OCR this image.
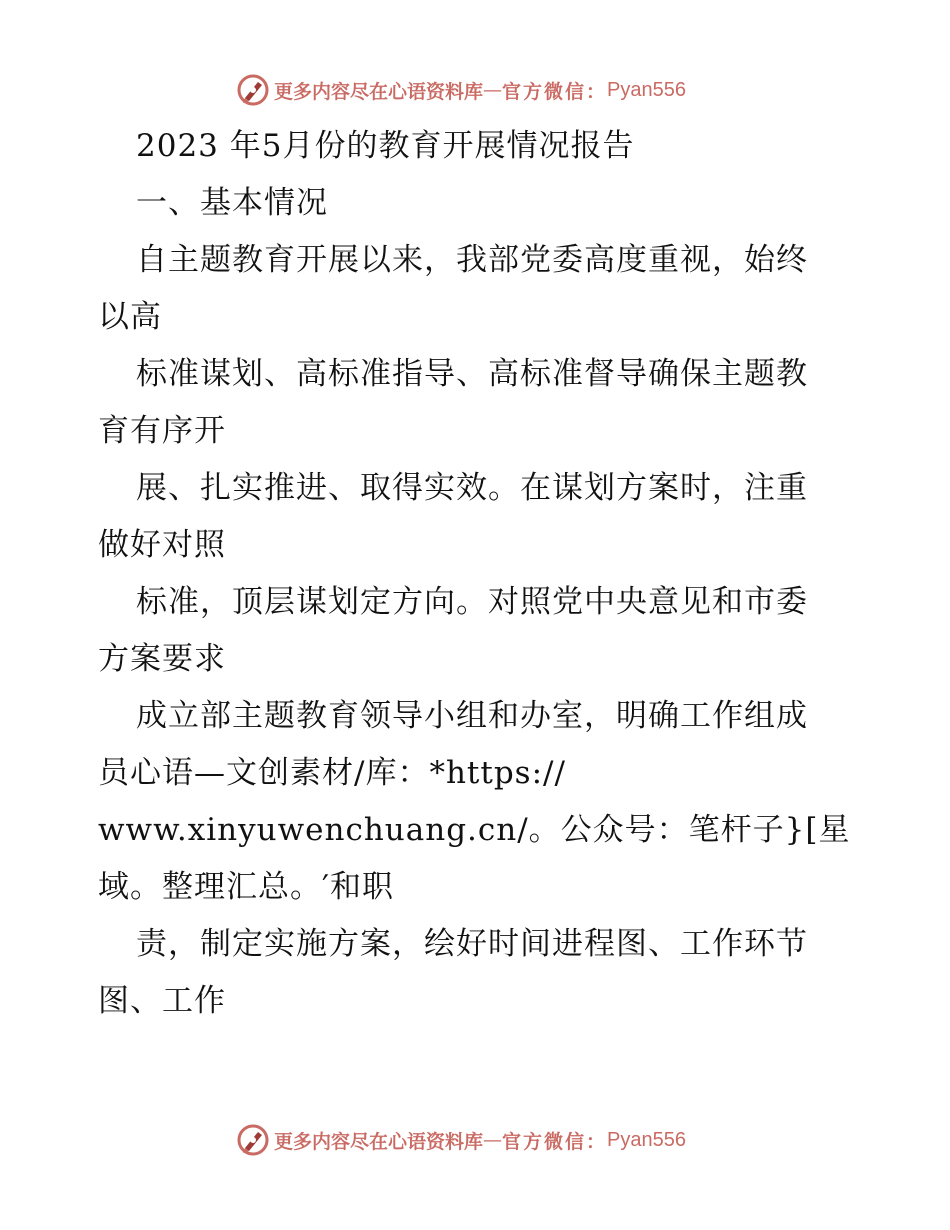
更多内容尽在心语资料库 — 官方微信： Pyan556
2023 年5月份的教育开展情况报告
一、基本情况
自主题教育开展以来，我部党委高度重视，始终
以高
标准谋划、高标准指导、高标准督导确保主题教
育有序开
展、扎实推进、取得实效。在谋划方案时，注重
做好对照
标准，顶层谋划定方向。对照党中央意见和市委
方案要求
成立部主题教育领导小组和办室，明确工作组成
员心语—文创素材/库：*https://
www.xinyuwenchuang.cn/。公众号：笔杆子}[星
域。整理汇总。′和职
责，制定实施方案，绘好时间进程图、工作环节
图、工作
更多内容尽在心语资料库 — 官方微信： Pyan556
